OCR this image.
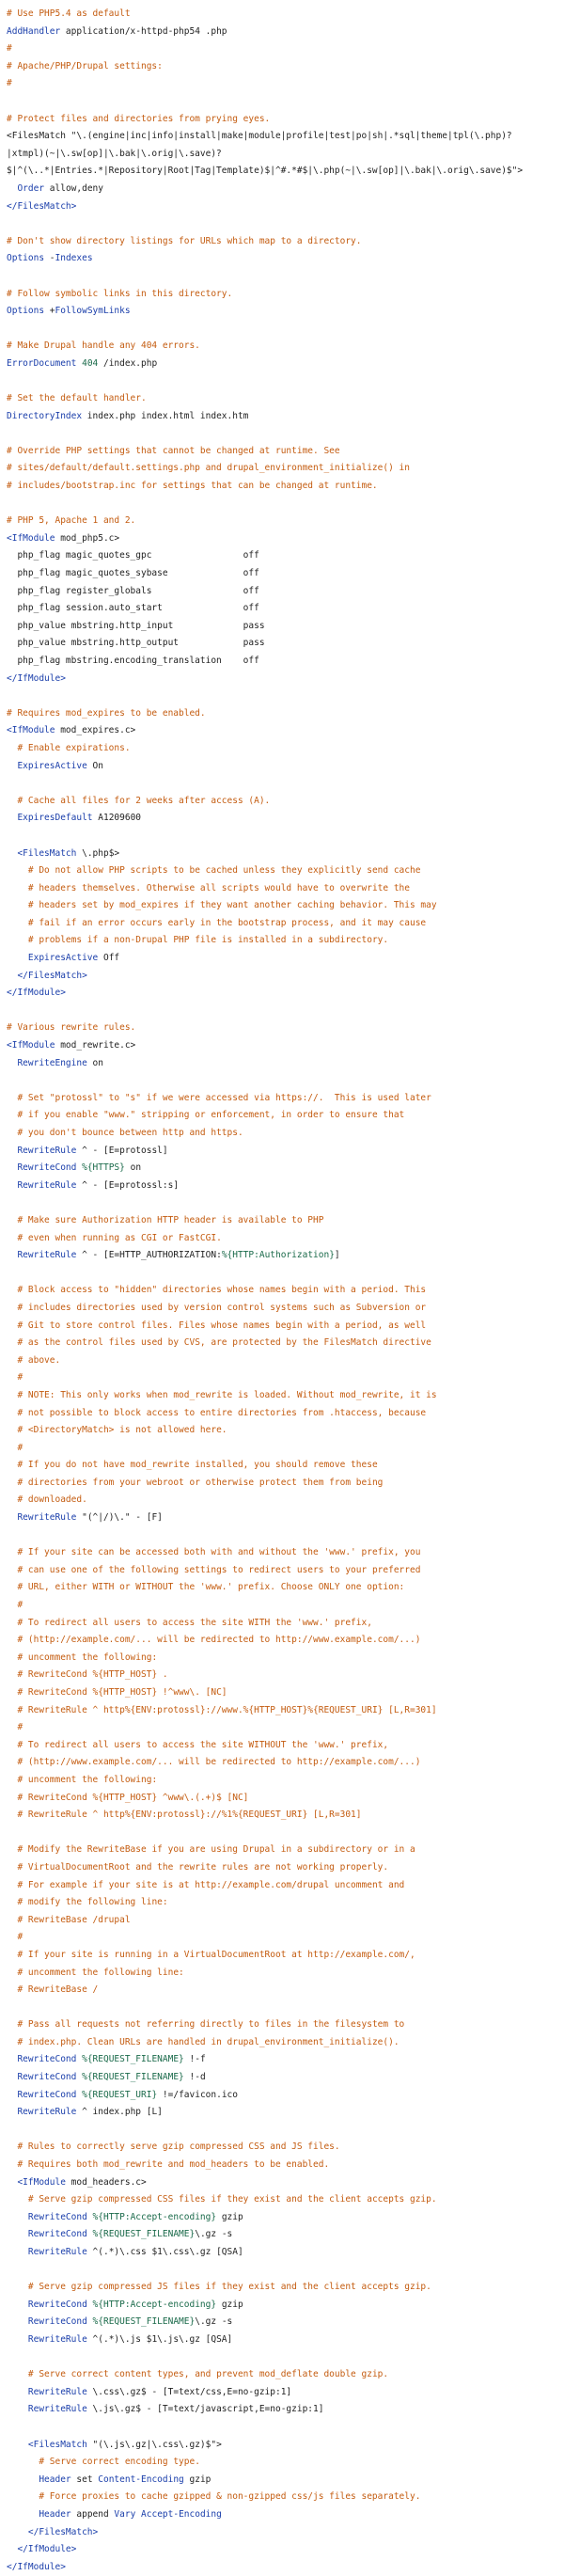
# Use PHP5.4 as default
AddHandler application/x-httpd-php54 .php
#
# Apache/PHP/Drupal settings:
#

# Protect files and directories from prying eyes.
<FilesMatch "\.(engine|inc|info|install|make|module|profile|test|po|sh|.*sql|theme|tpl(\.php)?
|xtmpl)(~|\.sw[op]|\.bak|\.orig|\.save)?
$|^(\..*|Entries.*|Repository|Root|Tag|Template)$|^#.*#$|\.php(~|\.sw[op]|\.bak|\.orig\.save)$">
Order allow,deny
</FilesMatch>

# Don't show directory listings for URLs which map to a directory.
Options -Indexes

# Follow symbolic links in this directory.
Options +FollowSymLinks

# Make Drupal handle any 404 errors.
ErrorDocument 404 /index.php

# Set the default handler.
DirectoryIndex index.php index.html index.htm

# Override PHP settings that cannot be changed at runtime. See
# sites/default/default.settings.php and drupal_environment_initialize() in
# includes/bootstrap.inc for settings that can be changed at runtime.

# PHP 5, Apache 1 and 2.
<IfModule mod_php5.c>
php_flag magic_quotes_gpc                 off
php_flag magic_quotes_sybase              off
php_flag register_globals                 off
php_flag session.auto_start               off
php_value mbstring.http_input             pass
php_value mbstring.http_output            pass
php_flag mbstring.encoding_translation    off
</IfModule>

# Requires mod_expires to be enabled.
<IfModule mod_expires.c>
# Enable expirations.
ExpiresActive On

# Cache all files for 2 weeks after access (A).
ExpiresDefault A1209600

<FilesMatch \.php$>
# Do not allow PHP scripts to be cached unless they explicitly send cache
# headers themselves. Otherwise all scripts would have to overwrite the
# headers set by mod_expires if they want another caching behavior. This may
# fail if an error occurs early in the bootstrap process, and it may cause
# problems if a non-Drupal PHP file is installed in a subdirectory.
ExpiresActive Off
</FilesMatch>
</IfModule>

# Various rewrite rules.
<IfModule mod_rewrite.c>
RewriteEngine on

# Set "protossl" to "s" if we were accessed via https://.  This is used later
# if you enable "www." stripping or enforcement, in order to ensure that
# you don't bounce between http and https.
RewriteRule ^ - [E=protossl]
RewriteCond %{HTTPS} on
RewriteRule ^ - [E=protossl:s]

# Make sure Authorization HTTP header is available to PHP
# even when running as CGI or FastCGI.
RewriteRule ^ - [E=HTTP_AUTHORIZATION:%{HTTP:Authorization}]

# Block access to "hidden" directories whose names begin with a period. This
# includes directories used by version control systems such as Subversion or
# Git to store control files. Files whose names begin with a period, as well
# as the control files used by CVS, are protected by the FilesMatch directive
# above.
#
# NOTE: This only works when mod_rewrite is loaded. Without mod_rewrite, it is
# not possible to block access to entire directories from .htaccess, because
# <DirectoryMatch> is not allowed here.
#
# If you do not have mod_rewrite installed, you should remove these
# directories from your webroot or otherwise protect them from being
# downloaded.
RewriteRule "(^|/)\." - [F]

# If your site can be accessed both with and without the 'www.' prefix, you
# can use one of the following settings to redirect users to your preferred
# URL, either WITH or WITHOUT the 'www.' prefix. Choose ONLY one option:
#
# To redirect all users to access the site WITH the 'www.' prefix,
# (http://example.com/... will be redirected to http://www.example.com/...)
# uncomment the following:
# RewriteCond %{HTTP_HOST} .
# RewriteCond %{HTTP_HOST} !^www\. [NC]
# RewriteRule ^ http%{ENV:protossl}://www.%{HTTP_HOST}%{REQUEST_URI} [L,R=301]
#
# To redirect all users to access the site WITHOUT the 'www.' prefix,
# (http://www.example.com/... will be redirected to http://example.com/...)
# uncomment the following:
# RewriteCond %{HTTP_HOST} ^www\.(.+)$ [NC]
# RewriteRule ^ http%{ENV:protossl}://%1%{REQUEST_URI} [L,R=301]

# Modify the RewriteBase if you are using Drupal in a subdirectory or in a
# VirtualDocumentRoot and the rewrite rules are not working properly.
# For example if your site is at http://example.com/drupal uncomment and
# modify the following line:
# RewriteBase /drupal
#
# If your site is running in a VirtualDocumentRoot at http://example.com/,
# uncomment the following line:
# RewriteBase /

# Pass all requests not referring directly to files in the filesystem to
# index.php. Clean URLs are handled in drupal_environment_initialize().
RewriteCond %{REQUEST_FILENAME} !-f
RewriteCond %{REQUEST_FILENAME} !-d
RewriteCond %{REQUEST_URI} !=/favicon.ico
RewriteRule ^ index.php [L]

# Rules to correctly serve gzip compressed CSS and JS files.
# Requires both mod_rewrite and mod_headers to be enabled.
<IfModule mod_headers.c>
# Serve gzip compressed CSS files if they exist and the client accepts gzip.
RewriteCond %{HTTP:Accept-encoding} gzip
RewriteCond %{REQUEST_FILENAME}\.gz -s
RewriteRule ^(.*)\.css $1\.css\.gz [QSA]

# Serve gzip compressed JS files if they exist and the client accepts gzip.
RewriteCond %{HTTP:Accept-encoding} gzip
RewriteCond %{REQUEST_FILENAME}\.gz -s
RewriteRule ^(.*)\.js $1\.js\.gz [QSA]

# Serve correct content types, and prevent mod_deflate double gzip.
RewriteRule \.css\.gz$ - [T=text/css,E=no-gzip:1]
RewriteRule \.js\.gz$ - [T=text/javascript,E=no-gzip:1]

<FilesMatch "(\.js\.gz|\.css\.gz)$">
# Serve correct encoding type.
Header set Content-Encoding gzip
# Force proxies to cache gzipped & non-gzipped css/js files separately.
Header append Vary Accept-Encoding
</FilesMatch>
</IfModule>
</IfModule>
